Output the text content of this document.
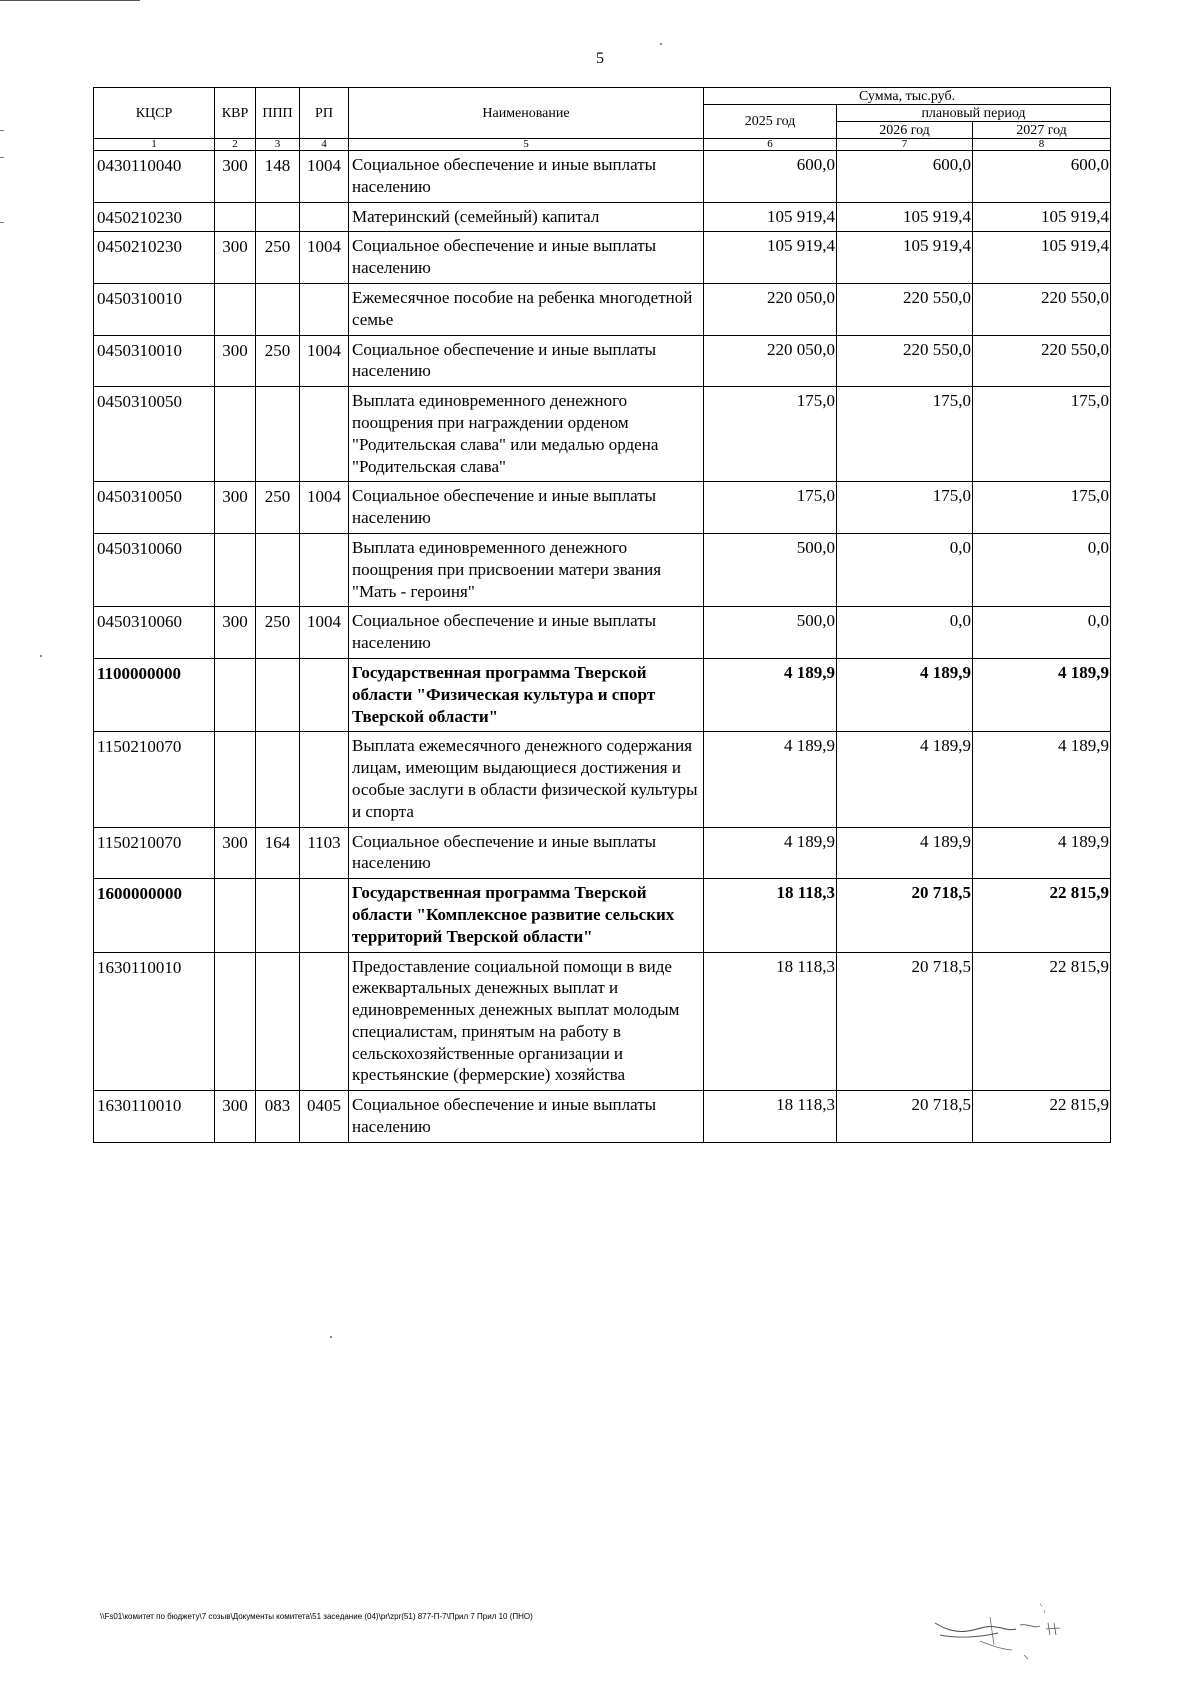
5
КЦСР	КВР	ППП	РП	Наименование	Сумма, тыс.руб.		
					2025 год	плановый период	
						2026 год	2027 год
1	2	3	4	5	6	7	8
0430110040	300	148	1004	Социальное обеспечение и иные выплаты населению	600,0	600,0	600,0
0450210230				Материнский (семейный) капитал	105 919,4	105 919,4	105 919,4
0450210230	300	250	1004	Социальное обеспечение и иные выплаты населению	105 919,4	105 919,4	105 919,4
0450310010				Ежемесячное пособие на ребенка многодетной семье	220 050,0	220 550,0	220 550,0
0450310010	300	250	1004	Социальное обеспечение и иные выплаты населению	220 050,0	220 550,0	220 550,0
0450310050				Выплата единовременного денежного поощрения при награждении орденом "Родительская слава" или медалью ордена "Родительская слава"	175,0	175,0	175,0
0450310050	300	250	1004	Социальное обеспечение и иные выплаты населению	175,0	175,0	175,0
0450310060				Выплата единовременного денежного поощрения при присвоении матери звания "Мать - героиня"	500,0	0,0	0,0
0450310060	300	250	1004	Социальное обеспечение и иные выплаты населению	500,0	0,0	0,0
1100000000				Государственная программа Тверской области "Физическая культура и спорт Тверской области"	4 189,9	4 189,9	4 189,9
1150210070				Выплата ежемесячного денежного содержания лицам, имеющим выдающиеся достижения и особые заслуги в области физической культуры и спорта	4 189,9	4 189,9	4 189,9
1150210070	300	164	1103	Социальное обеспечение и иные выплаты населению	4 189,9	4 189,9	4 189,9
1600000000				Государственная программа Тверской области "Комплексное развитие сельских территорий Тверской области"	18 118,3	20 718,5	22 815,9
1630110010				Предоставление социальной помощи в виде ежеквартальных денежных выплат и единовременных денежных выплат молодым специалистам, принятым на работу в сельскохозяйственные организации и крестьянские (фермерские) хозяйства	18 118,3	20 718,5	22 815,9
1630110010	300	083	0405	Социальное обеспечение и иные выплаты населению	18 118,3	20 718,5	22 815,9
\\Fs01\комитет по бюджету\7 созыв\Документы комитета\51 заседание (04)\pr\zpr(51) 877-П-7\Прил 7 Прил 10 (ПНО)
